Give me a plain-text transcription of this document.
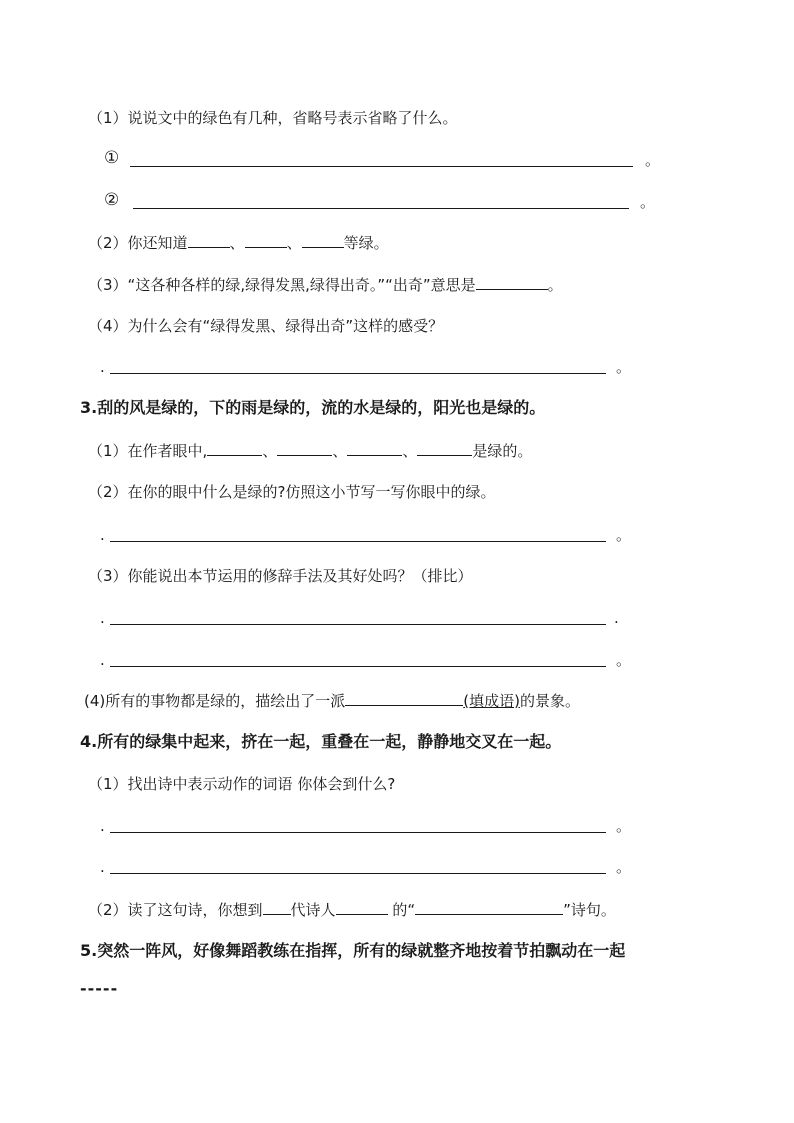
（1）说说文中的绿色有几种，省略号表示省略了什么。
①	。
②	。
（2）你还知道	、	、	等绿。
（3）“这各种各样的绿,绿得发黑,绿得出奇。”“出奇”意思是	。
（4）为什么会有“绿得发黑、绿得出奇”这样的感受？
.	。
3.刮的风是绿的，下的雨是绿的，流的水是绿的，阳光也是绿的。
（1）在作者眼中,	、	、	、	是绿的。
（2）在你的眼中什么是绿的?仿照这小节写一写你眼中的绿。
.	。
（3）你能说出本节运用的修辞手法及其好处吗？（排比）
.	.
.	。
(4)所有的事物都是绿的，描绘出了一派	(填成语)的景象。
4.所有的绿集中起来，挤在一起，重叠在一起，静静地交叉在一起。
（1）找出诗中表示动作的词语 你体会到什么?
.	。
.	。
（2）读了这句诗，你想到 代诗人	的“	”诗句。
5.突然一阵风，好像舞蹈教练在指挥，所有的绿就整齐地按着节拍飘动在一起
-----
